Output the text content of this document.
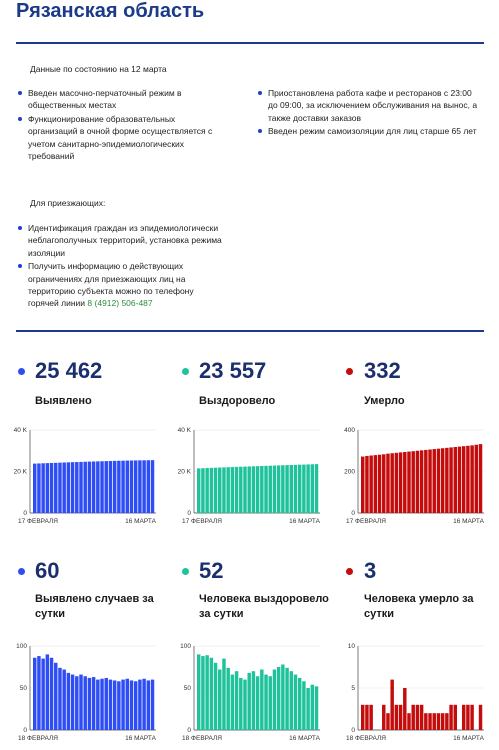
Рязанская область
Данные по состоянию на 12 марта
Введен масочно-перчаточный режим в общественных местах
Функционирование образовательных организаций в очной форме осуществляется с учетом санитарно-эпидемиологических требований
Приостановлена работа кафе и ресторанов с 23:00 до 09:00, за исключением обслуживания на вынос, а также доставки заказов
Введен режим самоизоляции для лиц старше 65 лет
Для приезжающих:
Идентификация граждан из эпидемиологически неблагополучных территорий, установка режима изоляции
Получить информацию о действующих ограничениях для приезжающих лиц на территорию субъекта можно по телефону горячей линии 8 (4912) 506-487
25 462
Выявлено
23 557
Выздоровело
332
Умерло
40 K
20 K
0
17 ФЕВРАЛЯ	16 МАРТА
40 K
20 K
0
17 ФЕВРАЛЯ	16 МАРТА
400
200
0
17 ФЕВРАЛЯ	16 МАРТА
60
Выявлено случаев за сутки
52
Человека выздоровело за сутки
3
Человека умерло за сутки
100
50
0
18 ФЕВРАЛЯ	16 МАРТА
100
50
0
18 ФЕВРАЛЯ	16 МАРТА
10
5
0
18 ФЕВРАЛЯ	16 МАРТА
